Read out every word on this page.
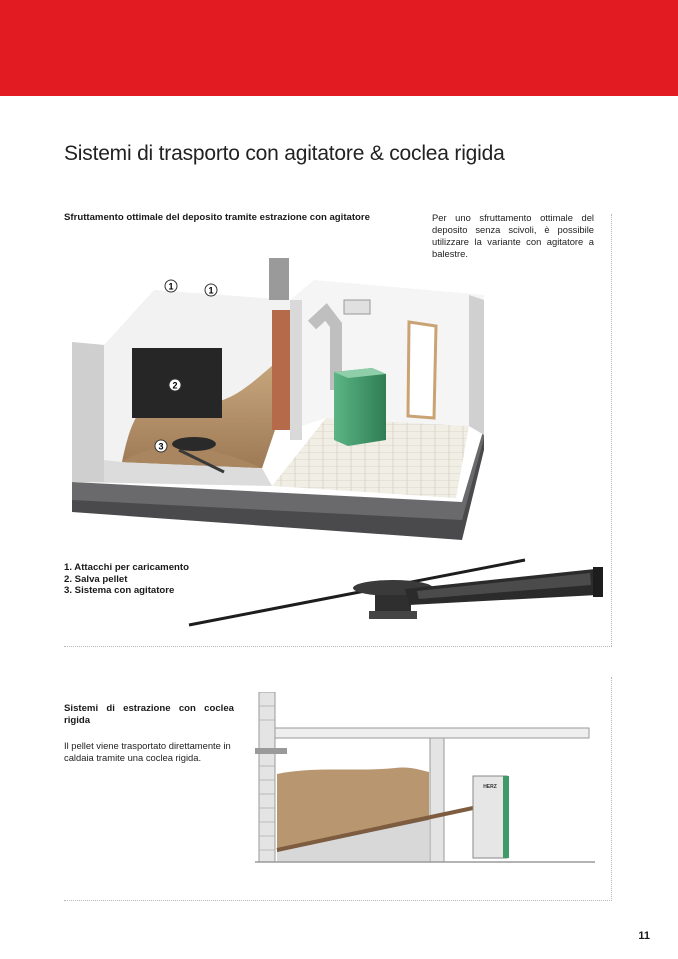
Sistemi di trasporto con agitatore & coclea rigida
Sfruttamento ottimale del deposito tramite estrazione con agitatore	Per uno sfruttamento ottimale del deposito senza scivoli, è possibile utilizzare la variante con agitatore a balestre.
1	1
2
3
1. Attacchi per caricamento
2. Salva pellet
3. Sistema con agitatore
Sistemi di estrazione con coclea rigida
Il pellet viene trasportato direttamente in caldaia tramite una coclea rigida.
HERZ
11
